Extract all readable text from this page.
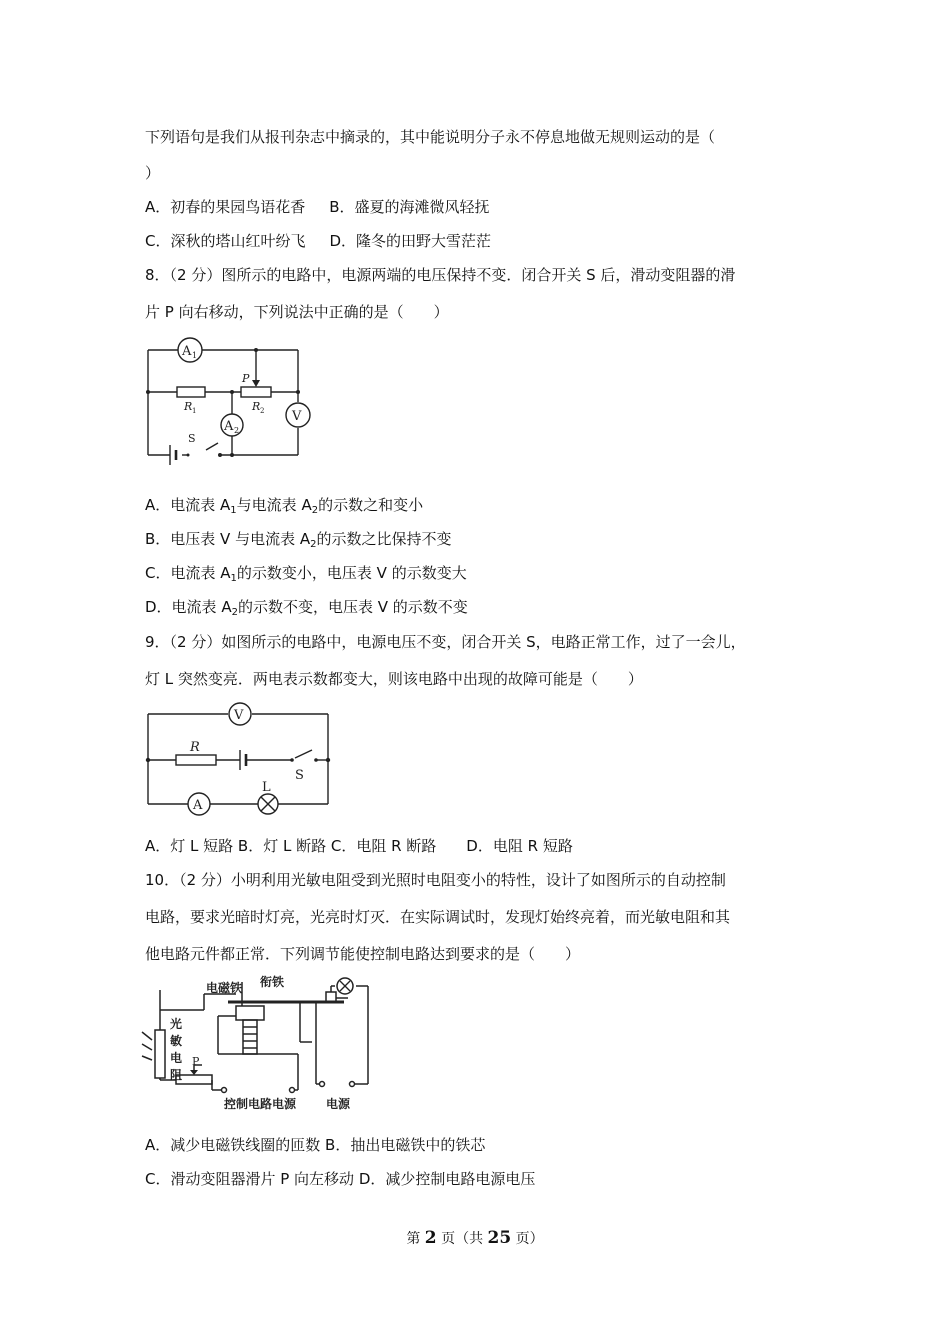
下列语句是我们从报刊杂志中摘录的，其中能说明分子永不停息地做无规则运动的是（
）
A．初春的果园鸟语花香 B．盛夏的海滩微风轻抚
C．深秋的塔山红叶纷飞 D．隆冬的田野大雪茫茫
8．（2 分）图所示的电路中，电源两端的电压保持不变．闭合开关 S 后，滑动变阻器的滑
片 P 向右移动，下列说法中正确的是（　　）
A 1
A 2
V
P
R 1	R 2
S
A．电流表 $A_1$与电流表 $A_2$的示数之和变小
B．电压表 V 与电流表 $A_2$的示数之比保持不变
C．电流表 $A_1$的示数变小，电压表 V 的示数变大
D．电流表 $A_2$的示数不变，电压表 V 的示数不变
9．（2 分）如图所示的电路中，电源电压不变，闭合开关 S，电路正常工作，过了一会儿，
灯 L 突然变亮．两电表示数都变大，则该电路中出现的故障可能是（　　）
V
R
S
A
L
A．灯 L 短路 B．灯 L 断路 C．电阻 R 断路　　D．电阻 R 短路
10．（2 分）小明利用光敏电阻受到光照时电阻变小的特性，设计了如图所示的自动控制
电路，要求光暗时灯亮，光亮时灯灭．在实际调试时，发现灯始终亮着，而光敏电阻和其
他电路元件都正常．下列调节能使控制电路达到要求的是（　　）
电磁铁 衔铁
光
敏
电
阻
P
控制电路电源 电源
A．减少电磁铁线圈的匝数 B．抽出电磁铁中的铁芯
C．滑动变阻器滑片 P 向左移动 D．减少控制电路电源电压
第 2 页（共 25 页）
